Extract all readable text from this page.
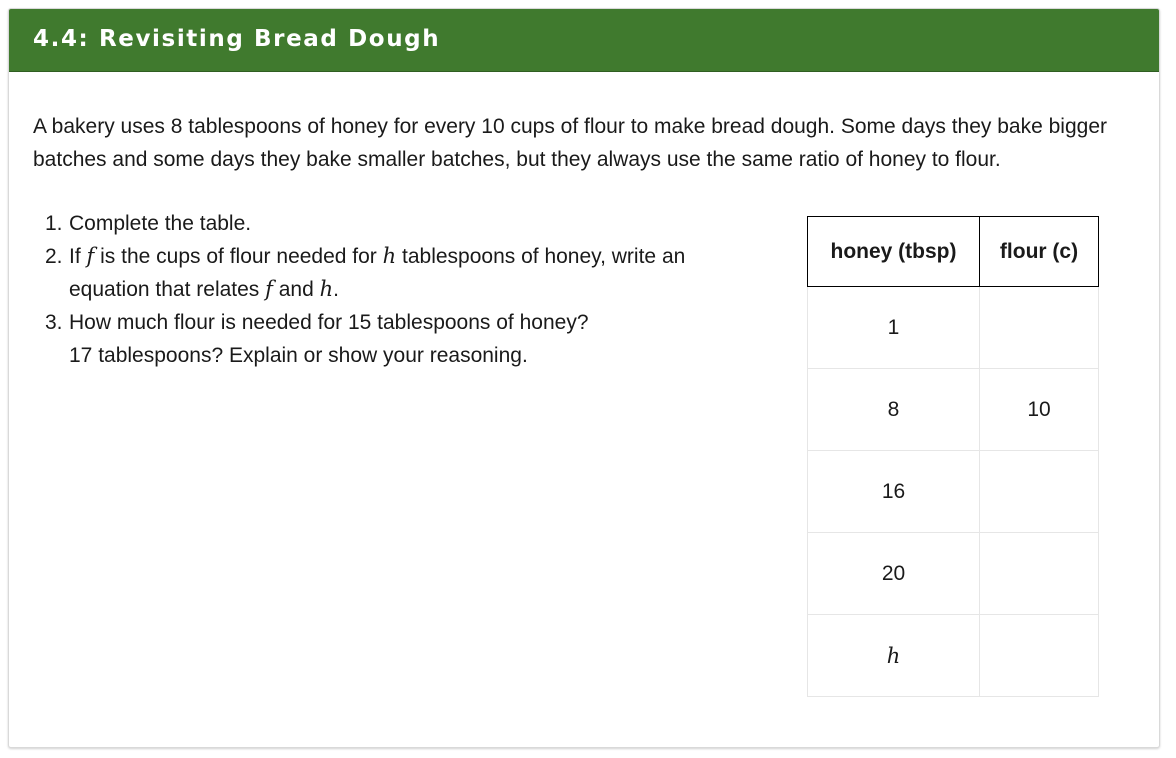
4.4: Revisiting Bread Dough

A bakery uses 8 tablespoons of honey for every 10 cups of flour to make bread dough. Some days they bake bigger batches and some days they bake smaller batches, but they always use the same ratio of honey to flour.

1. Complete the table.
2. If f is the cups of flour needed for h tablespoons of honey, write an equation that relates f and h.
3. How much flour is needed for 15 tablespoons of honey?
17 tablespoons? Explain or show your reasoning.
honey (tbsp)	flour (c)
1	
8	10
16	
20	
h	
